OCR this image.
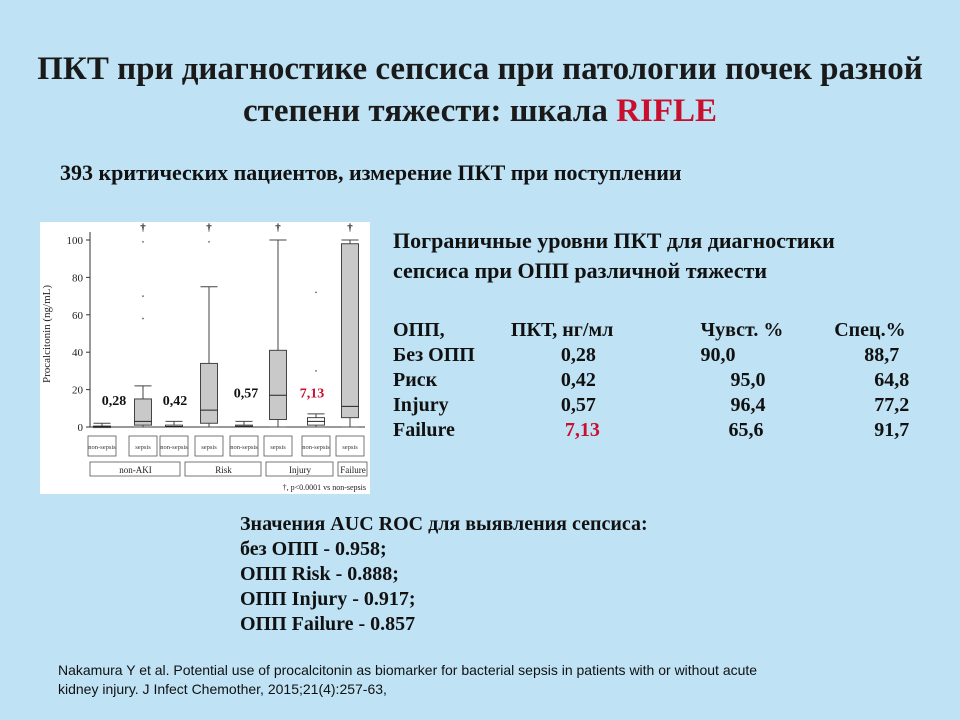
ПКТ при диагностике сепсиса при патологии почек разной степени тяжести: шкала RIFLE
393 критических пациентов, измерение ПКТ при поступлении
0
20
40
60
80
100
Procalcitonin (ng/mL)
non-sepsis
†
sepsis non-sepsis
†
sepsis non-sepsis
†
sepsis	non-sepsis
†
sepsis
non-AKI	Risk	Injury	Failure
†, p<0.0001 vs non-sepsis
0,28	0,42	0,57	7,13
Пограничные уровни ПКТ для диагностики
сепсиса при ОПП различной тяжести
ОПП,	ПКТ, нг/мл	Чувст. %	Спец.%
Без ОПП	0,28	90,0	88,7
Риск	0,42	95,0	64,8
Injury	0,57	96,4	77,2
Failure	7,13	65,6	91,7
Значения AUC ROC для выявления сепсиса:
без ОПП - 0.958;
ОПП Risk - 0.888;
ОПП Injury - 0.917;
ОПП Failure - 0.857
Nakamura Y et al. Potential use of procalcitonin as biomarker for bacterial sepsis in patients with or without acute
kidney injury. J Infect Chemother, 2015;21(4):257-63,
